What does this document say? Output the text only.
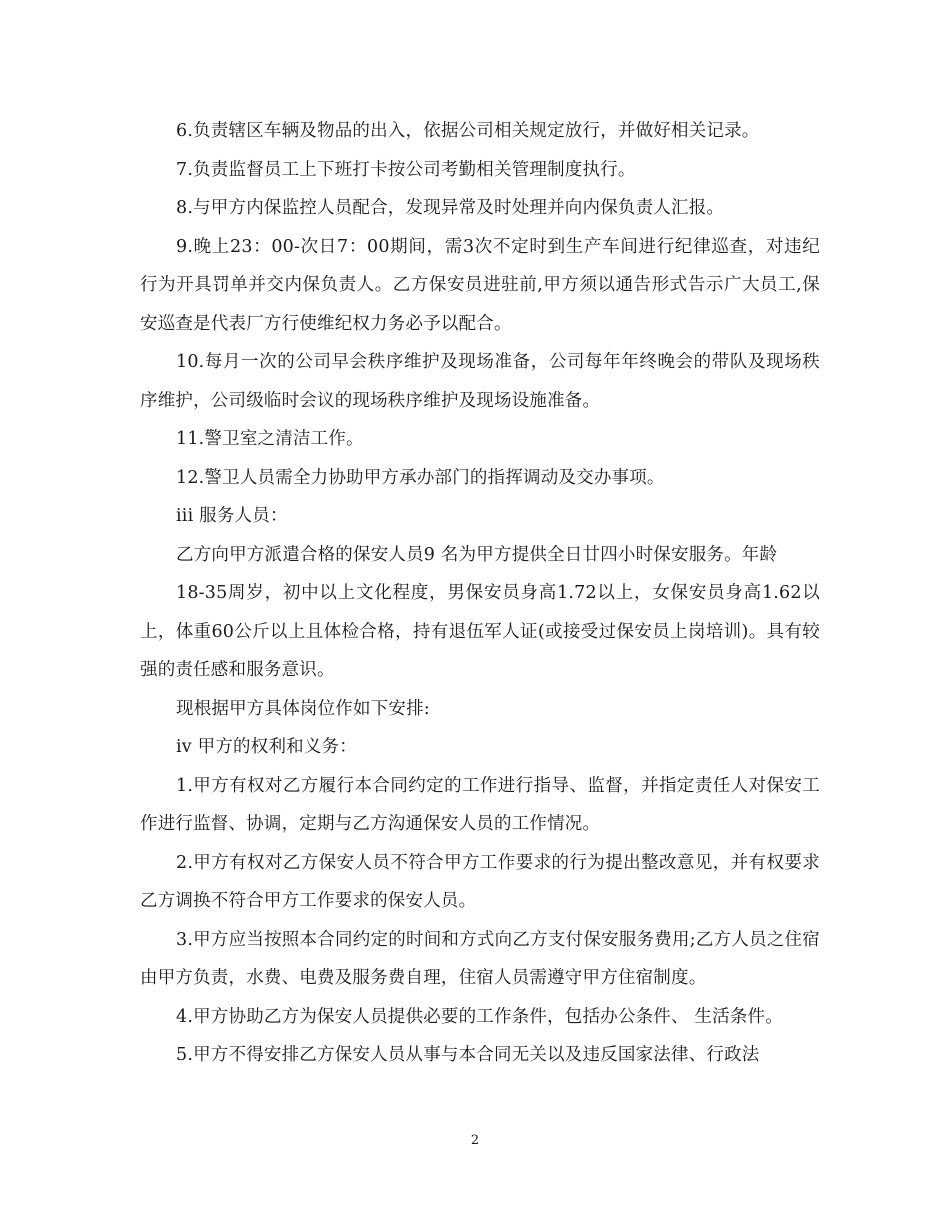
6.负责辖区车辆及物品的出入，依据公司相关规定放行，并做好相关记录。

7.负责监督员工上下班打卡按公司考勤相关管理制度执行。

8.与甲方内保监控人员配合，发现异常及时处理并向内保负责人汇报。

9.晚上23：00-次日7：00期间，需3次不定时到生产车间进行纪律巡查，对违纪行为开具罚单并交内保负责人。乙方保安员进驻前,甲方须以通告形式告示广大员工,保安巡查是代表厂方行使维纪权力务必予以配合。

10.每月一次的公司早会秩序维护及现场准备，公司每年年终晚会的带队及现场秩序维护，公司级临时会议的现场秩序维护及现场设施准备。

11.警卫室之清洁工作。

12.警卫人员需全力协助甲方承办部门的指挥调动及交办事项。

iii 服务人员：

乙方向甲方派遣合格的保安人员9 名为甲方提供全日廿四小时保安服务。年龄

18-35周岁，初中以上文化程度，男保安员身高1.72以上，女保安员身高1.62以上，体重60公斤以上且体检合格，持有退伍军人证(或接受过保安员上岗培训)。具有较强的责任感和服务意识。

现根据甲方具体岗位作如下安排:

iv 甲方的权利和义务：

1.甲方有权对乙方履行本合同约定的工作进行指导、监督，并指定责任人对保安工作进行监督、协调，定期与乙方沟通保安人员的工作情况。

2.甲方有权对乙方保安人员不符合甲方工作要求的行为提出整改意见，并有权要求乙方调换不符合甲方工作要求的保安人员。

3.甲方应当按照本合同约定的时间和方式向乙方支付保安服务费用;乙方人员之住宿由甲方负责，水费、电费及服务费自理，住宿人员需遵守甲方住宿制度。

4.甲方协助乙方为保安人员提供必要的工作条件，包括办公条件、 生活条件。

5.甲方不得安排乙方保安人员从事与本合同无关以及违反国家法律、行政法

2
